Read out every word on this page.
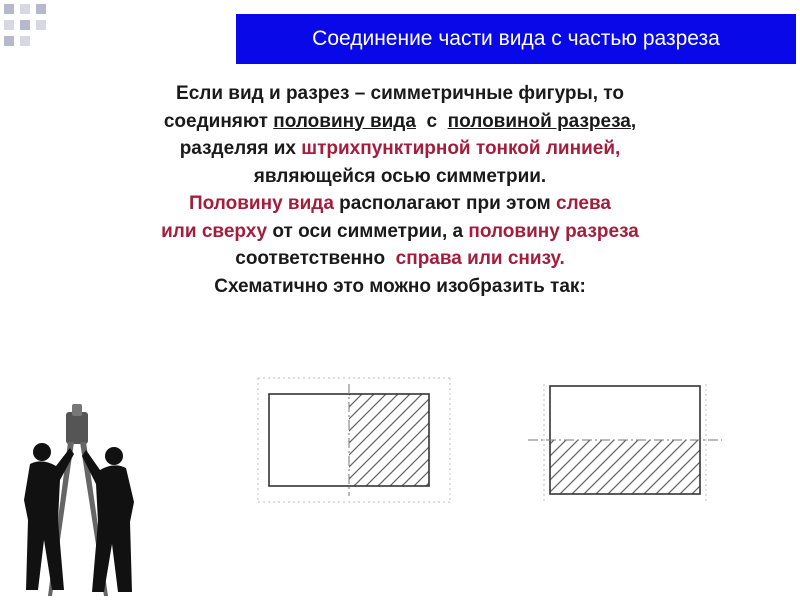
Соединение части вида с частью разреза

Если вид и разрез – симметричные фигуры, то

соединяют половину вида  с  половиной разреза,

разделяя их штрихпунктирной тонкой линией,

являющейся осью симметрии.

Половину вида располагают при этом слева

или сверху от оси симметрии, а половину разреза

соответственно  справа или снизу.

Схематично это можно изобразить так:
